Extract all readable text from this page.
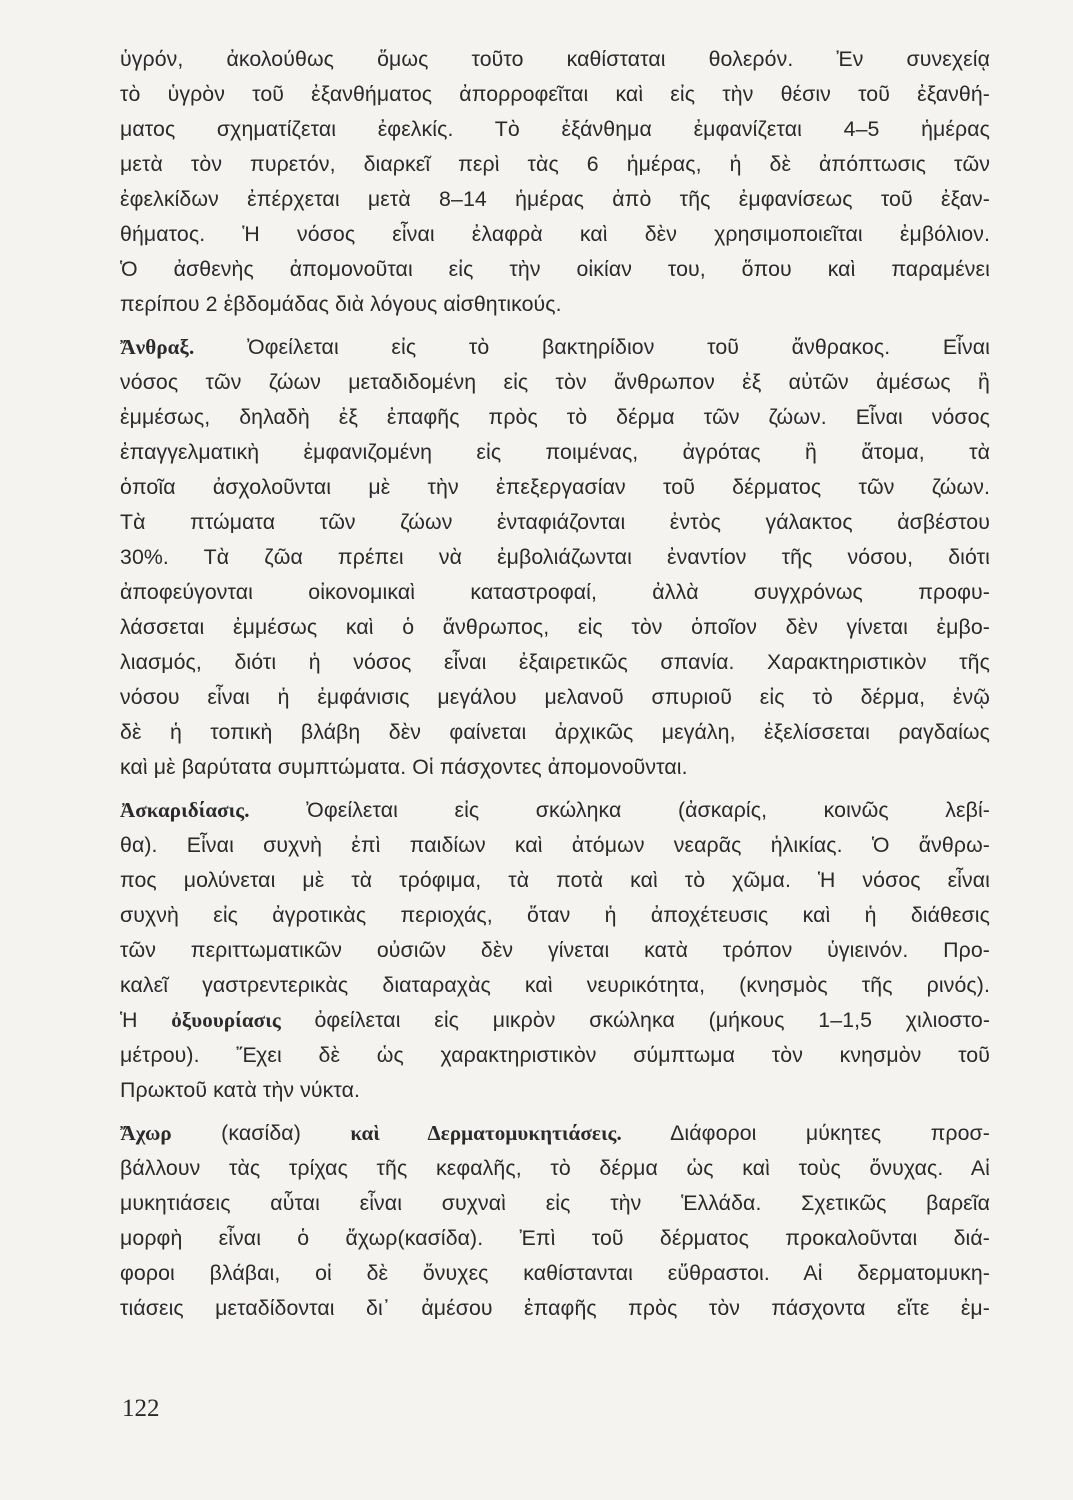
ὑγρόν, ἀκολούθως ὅμως τοῦτο καθίσταται θολερόν. Ἐν συνεχείᾳ
τὸ ὑγρὸν τοῦ ἐξανθήματος ἀπορροφεῖται καὶ εἰς τὴν θέσιν τοῦ ἐξανθή-
ματος σχηματίζεται ἐφελκίς. Τὸ ἐξάνθημα ἐμφανίζεται 4–5 ἡμέρας
μετὰ τὸν πυρετόν, διαρκεῖ περὶ τὰς 6 ἡμέρας, ἡ δὲ ἀπόπτωσις τῶν
ἐφελκίδων ἐπέρχεται μετὰ 8–14 ἡμέρας ἀπὸ τῆς ἐμφανίσεως τοῦ ἐξαν-
θήματος. Ἡ νόσος εἶναι ἐλαφρὰ καὶ δὲν χρησιμοποιεῖται ἐμβόλιον.
Ὁ ἀσθενὴς ἀπομονοῦται εἰς τὴν οἰκίαν του, ὅπου καὶ παραμένει
περίπου 2 ἑβδομάδας διὰ λόγους αἰσθητικούς.
Ἄνθραξ. Ὀφείλεται εἰς τὸ βακτηρίδιον τοῦ ἄνθρακος. Εἶναι
νόσος τῶν ζώων μεταδιδομένη εἰς τὸν ἄνθρωπον ἐξ αὐτῶν ἀμέσως ἢ
ἐμμέσως, δηλαδὴ ἐξ ἐπαφῆς πρὸς τὸ δέρμα τῶν ζώων. Εἶναι νόσος
ἐπαγγελματικὴ ἐμφανιζομένη εἰς ποιμένας, ἀγρότας ἢ ἄτομα, τὰ
ὁποῖα ἀσχολοῦνται μὲ τὴν ἐπεξεργασίαν τοῦ δέρματος τῶν ζώων.
Τὰ πτώματα τῶν ζώων ἐνταφιάζονται ἐντὸς γάλακτος ἀσβέστου
30%. Τὰ ζῶα πρέπει νὰ ἐμβολιάζωνται ἐναντίον τῆς νόσου, διότι
ἀποφεύγονται οἰκονομικαὶ καταστροφαί, ἀλλὰ συγχρόνως προφυ-
λάσσεται ἐμμέσως καὶ ὁ ἄνθρωπος, εἰς τὸν ὁποῖον δὲν γίνεται ἐμβο-
λιασμός, διότι ἡ νόσος εἶναι ἐξαιρετικῶς σπανία. Χαρακτηριστικὸν τῆς
νόσου εἶναι ἡ ἐμφάνισις μεγάλου μελανοῦ σπυριοῦ εἰς τὸ δέρμα, ἐνῷ
δὲ ἡ τοπικὴ βλάβη δὲν φαίνεται ἀρχικῶς μεγάλη, ἐξελίσσεται ραγδαίως
καὶ μὲ βαρύτατα συμπτώματα. Οἱ πάσχοντες ἀπομονοῦνται.
Ἀσκαριδίασις. Ὀφείλεται εἰς σκώληκα (ἀσκαρίς, κοινῶς λεβί-
θα). Εἶναι συχνὴ ἐπὶ παιδίων καὶ ἀτόμων νεαρᾶς ἡλικίας. Ὁ ἄνθρω-
πος μολύνεται μὲ τὰ τρόφιμα, τὰ ποτὰ καὶ τὸ χῶμα. Ἡ νόσος εἶναι
συχνὴ εἰς ἀγροτικὰς περιοχάς, ὅταν ἡ ἀποχέτευσις καὶ ἡ διάθεσις
τῶν περιττωματικῶν οὐσιῶν δὲν γίνεται κατὰ τρόπον ὑγιεινόν. Προ-
καλεῖ γαστρεντερικὰς διαταραχὰς καὶ νευρικότητα, (κνησμὸς τῆς ρινός).
Ἡ ὀξυουρίασις ὀφείλεται εἰς μικρὸν σκώληκα (μήκους 1–1,5 χιλιοστο-
μέτρου). Ἔχει δὲ ὡς χαρακτηριστικὸν σύμπτωμα τὸν κνησμὸν τοῦ
Πρωκτοῦ κατὰ τὴν νύκτα.
Ἄχωρ (κασίδα) καὶ Δερματομυκητιάσεις. Διάφοροι μύκητες προσ-
βάλλουν τὰς τρίχας τῆς κεφαλῆς, τὸ δέρμα ὡς καὶ τοὺς ὄνυχας. Αἱ
μυκητιάσεις αὗται εἶναι συχναὶ εἰς τὴν Ἑλλάδα. Σχετικῶς βαρεῖα
μορφὴ εἶναι ὁ ἄχωρ(κασίδα). Ἐπὶ τοῦ δέρματος προκαλοῦνται διά-
φοροι βλάβαι, οἱ δὲ ὄνυχες καθίστανται εὔθραστοι. Αἱ δερματομυκη-
τιάσεις μεταδίδονται δι᾽ ἀμέσου ἐπαφῆς πρὸς τὸν πάσχοντα εἴτε ἐμ-
122
